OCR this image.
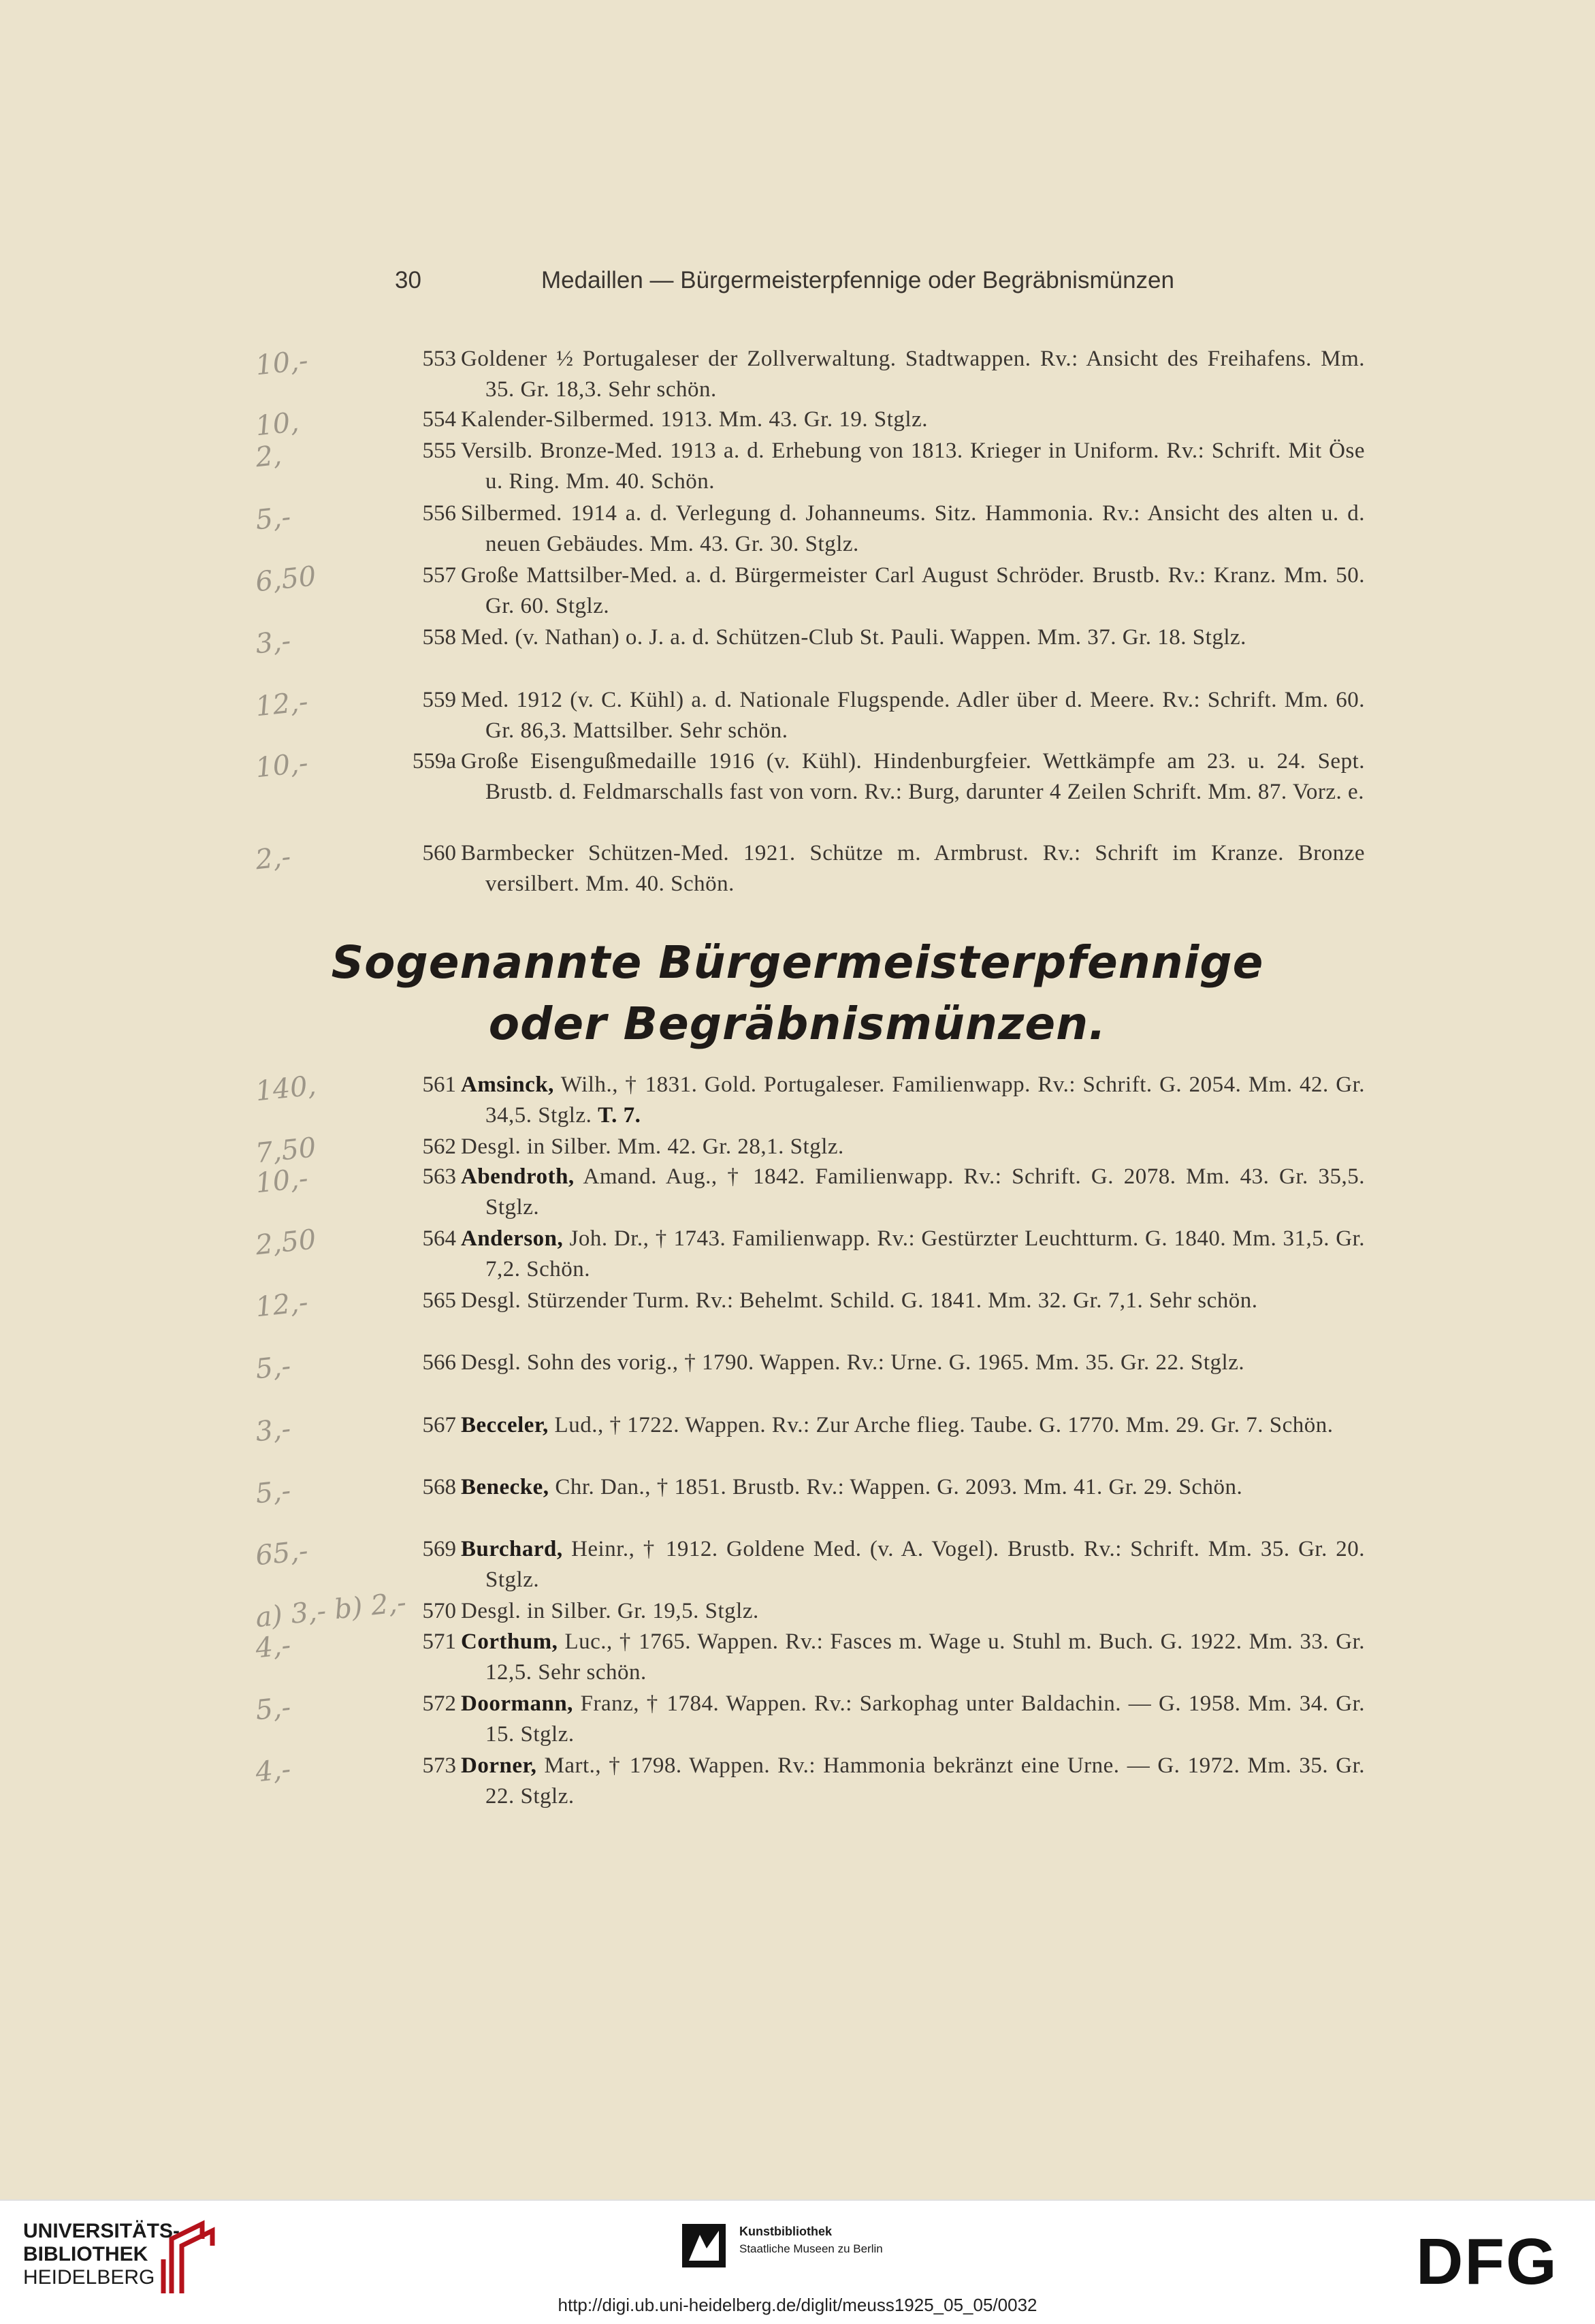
30	Medaillen — Bürgermeisterpfennige oder Begräbnismünzen
10,-	553 Goldener ½ Portugaleser der Zollverwaltung. Stadtwappen. Rv.: Ansicht des Freihafens. Mm. 35. Gr. 18,3. Sehr schön.
10,	554 Kalender-Silbermed. 1913. Mm. 43. Gr. 19. Stglz.
2,	555 Versilb. Bronze-Med. 1913 a. d. Erhebung von 1813. Krieger in Uniform. Rv.: Schrift. Mit Öse u. Ring. Mm. 40. Schön.
5,-	556 Silbermed. 1914 a. d. Verlegung d. Johanneums. Sitz. Hammonia. Rv.: Ansicht des alten u. d. neuen Gebäudes. Mm. 43. Gr. 30. Stglz.
6,50	557 Große Mattsilber-Med. a. d. Bürgermeister Carl August Schröder. Brustb. Rv.: Kranz. Mm. 50. Gr. 60. Stglz.
3,-	558 Med. (v. Nathan) o. J. a. d. Schützen-Club St. Pauli. Wappen. Mm. 37. Gr. 18. Stglz.
12,-	559 Med. 1912 (v. C. Kühl) a. d. Nationale Flugspende. Adler über d. Meere. Rv.: Schrift. Mm. 60. Gr. 86,3. Mattsilber. Sehr schön.
10,-	559a Große Eisengußmedaille 1916 (v. Kühl). Hindenburgfeier. Wettkämpfe am 23. u. 24. Sept. Brustb. d. Feldmarschalls fast von vorn. Rv.: Burg, darunter 4 Zeilen Schrift. Mm. 87. Vorz. e.
2,-	560 Barmbecker Schützen-Med. 1921. Schütze m. Armbrust. Rv.: Schrift im Kranze. Bronze versilbert. Mm. 40. Schön.
Sogenannte Bürgermeisterpfennige
oder Begräbnismünzen.
140,	561 Amsinck, Wilh., † 1831. Gold. Portugaleser. Familienwapp. Rv.: Schrift. G. 2054. Mm. 42. Gr. 34,5. Stglz. T. 7.
7,50	562 Desgl. in Silber. Mm. 42. Gr. 28,1. Stglz.
10,-	563 Abendroth, Amand. Aug., † 1842. Familienwapp. Rv.: Schrift. G. 2078. Mm. 43. Gr. 35,5. Stglz.
2,50	564 Anderson, Joh. Dr., † 1743. Familienwapp. Rv.: Gestürzter Leuchtturm. G. 1840. Mm. 31,5. Gr. 7,2. Schön.
12,-	565 Desgl. Stürzender Turm. Rv.: Behelmt. Schild. G. 1841. Mm. 32. Gr. 7,1. Sehr schön.
5,-	566 Desgl. Sohn des vorig., † 1790. Wappen. Rv.: Urne. G. 1965. Mm. 35. Gr. 22. Stglz.
3,-	567 Becceler, Lud., † 1722. Wappen. Rv.: Zur Arche flieg. Taube. G. 1770. Mm. 29. Gr. 7. Schön.
5,-	568 Benecke, Chr. Dan., † 1851. Brustb. Rv.: Wappen. G. 2093. Mm. 41. Gr. 29. Schön.
65,-	569 Burchard, Heinr., † 1912. Goldene Med. (v. A. Vogel). Brustb. Rv.: Schrift. Mm. 35. Gr. 20. Stglz.
a) 3,- b) 2,- 570 Desgl. in Silber. Gr. 19,5. Stglz.
4,-	571 Corthum, Luc., † 1765. Wappen. Rv.: Fasces m. Wage u. Stuhl m. Buch. G. 1922. Mm. 33. Gr. 12,5. Sehr schön.
5,-	572 Doormann, Franz, † 1784. Wappen. Rv.: Sarkophag unter Baldachin. — G. 1958. Mm. 34. Gr. 15. Stglz.
4,-	573 Dorner, Mart., † 1798. Wappen. Rv.: Hammonia bekränzt eine Urne. — G. 1972. Mm. 35. Gr. 22. Stglz.
UNIVERSITÄTS-
BIBLIOTHEK
HEIDELBERG
Kunstbibliothek
Staatliche Museen zu Berlin	DFG
http://digi.ub.uni-heidelberg.de/diglit/meuss1925_05_05/0032
